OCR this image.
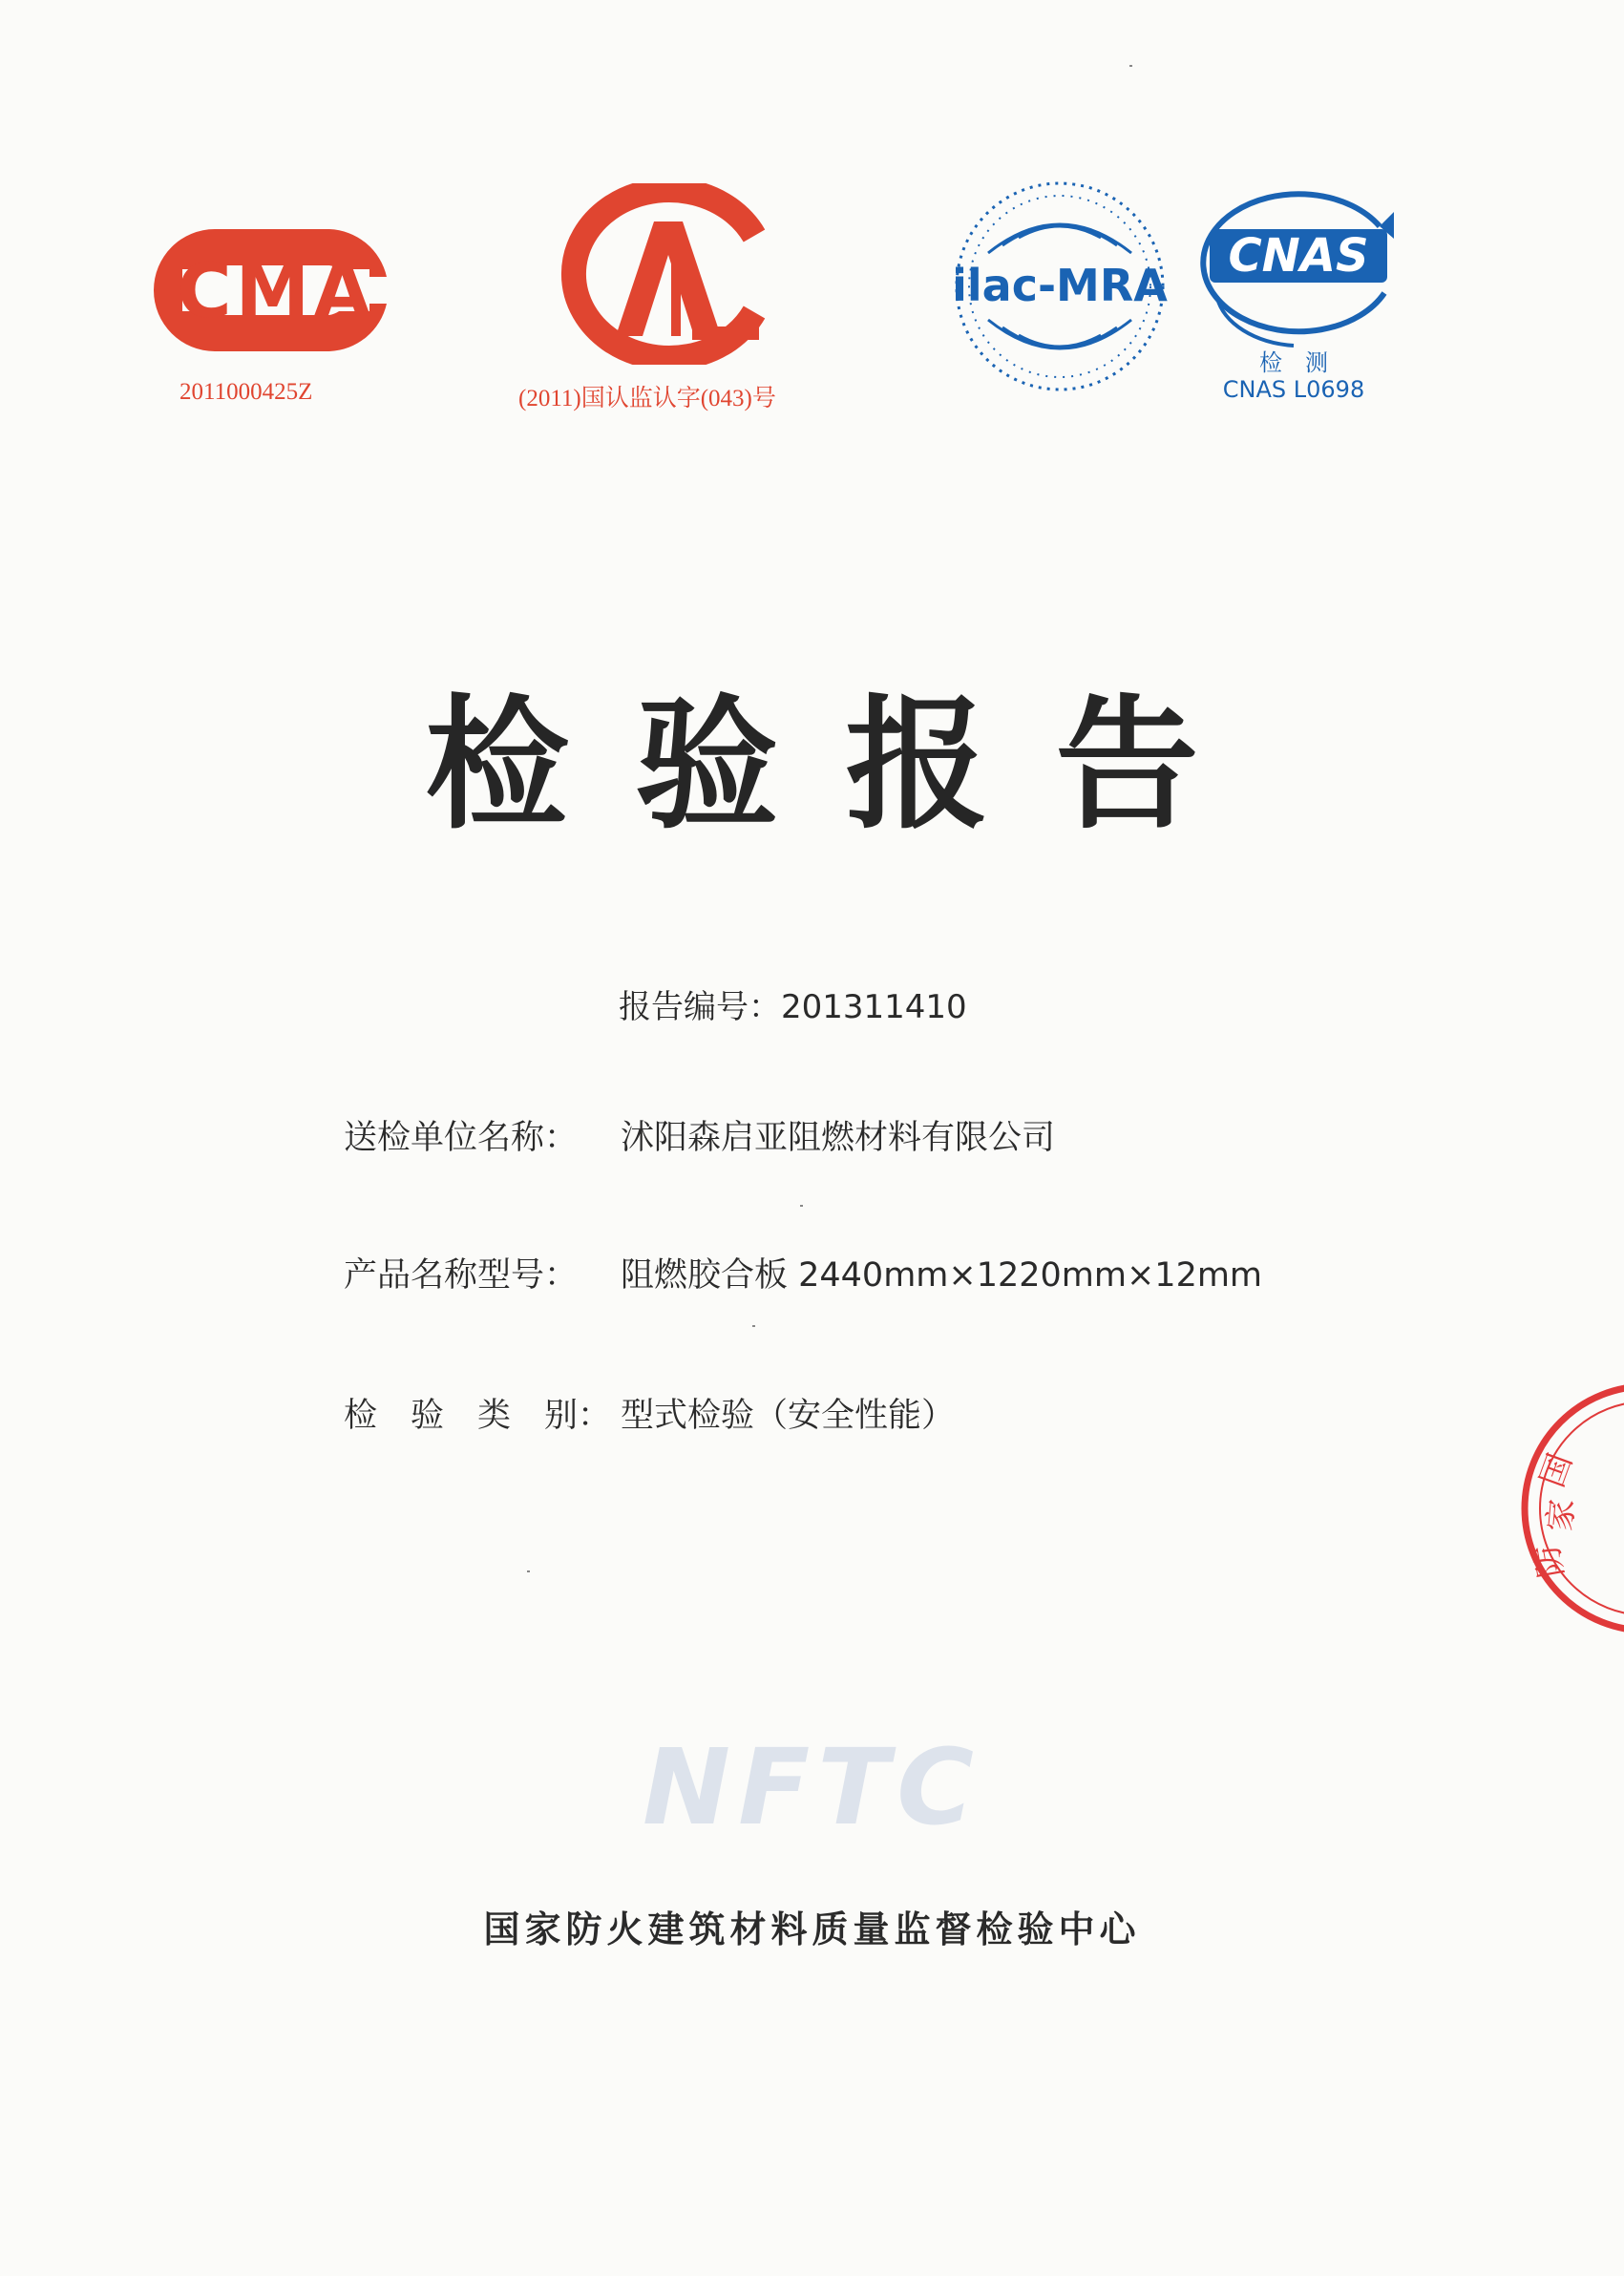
CMA
2011000425Z
CAL
(2011)国认监认字(043)号
ilac-MRA
CNAS
检　测
CNAS L0698
检验报告
报告编号：201311410
送检单位名称： 沭阳森启亚阻燃材料有限公司
产品名称型号： 阻燃胶合板 2440mm×1220mm×12mm
检　验　类　别： 型式检验（安全性能）
NFTC
国家防火建筑材料质量监督检验中心
国家防火
国
家
防
